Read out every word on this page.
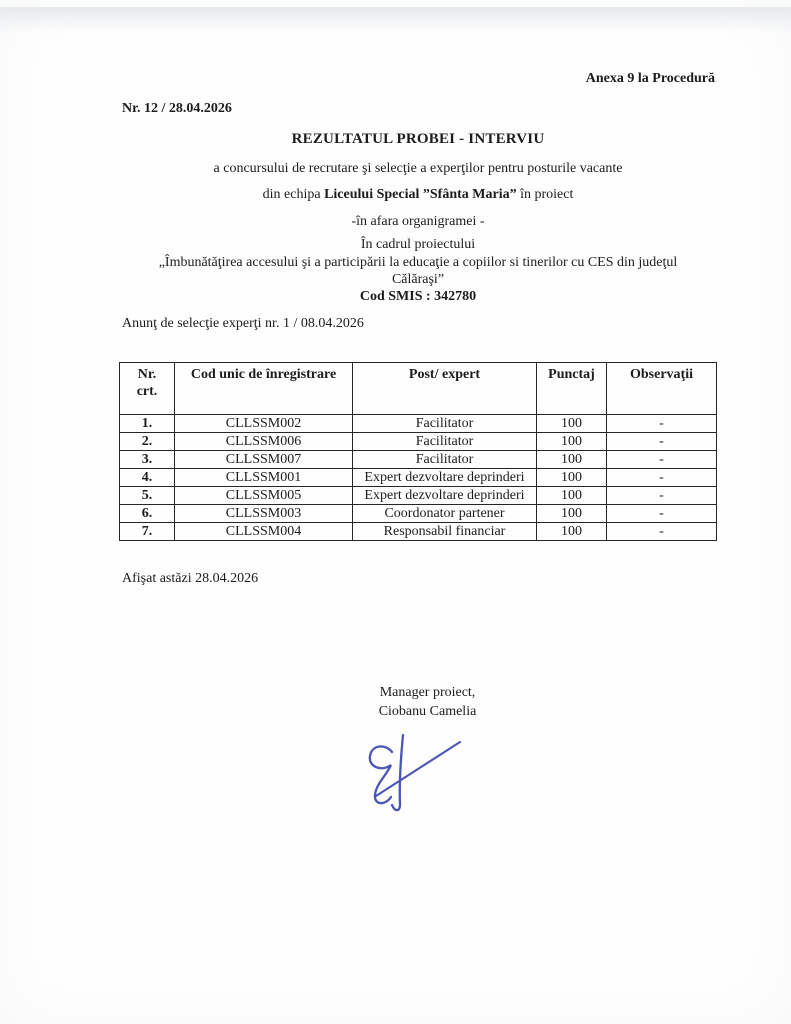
Anexa 9 la Procedură
Nr. 12 / 28.04.2026
REZULTATUL PROBEI - INTERVIU
a concursului de recrutare şi selecţie a experţilor pentru posturile vacante
din echipa Liceului Special ”Sfânta Maria” în proiect
-în afara organigramei -
În cadrul proiectului
„Îmbunătăţirea accesului şi a participării la educaţie a copiilor si tinerilor cu CES din judeţul
Călăraşi”
Cod SMIS : 342780
Anunţ de selecţie experţi nr. 1 / 08.04.2026
Nr. crt.	Cod unic de înregistrare	Post/ expert	Punctaj	Observaţii
1.	CLLSSM002	Facilitator	100	-
2.	CLLSSM006	Facilitator	100	-
3.	CLLSSM007	Facilitator	100	-
4.	CLLSSM001	Expert dezvoltare deprinderi	100	-
5.	CLLSSM005	Expert dezvoltare deprinderi	100	-
6.	CLLSSM003	Coordonator partener	100	-
7.	CLLSSM004	Responsabil financiar	100	-
Afişat astăzi 28.04.2026
Manager proiect,
Ciobanu Camelia
